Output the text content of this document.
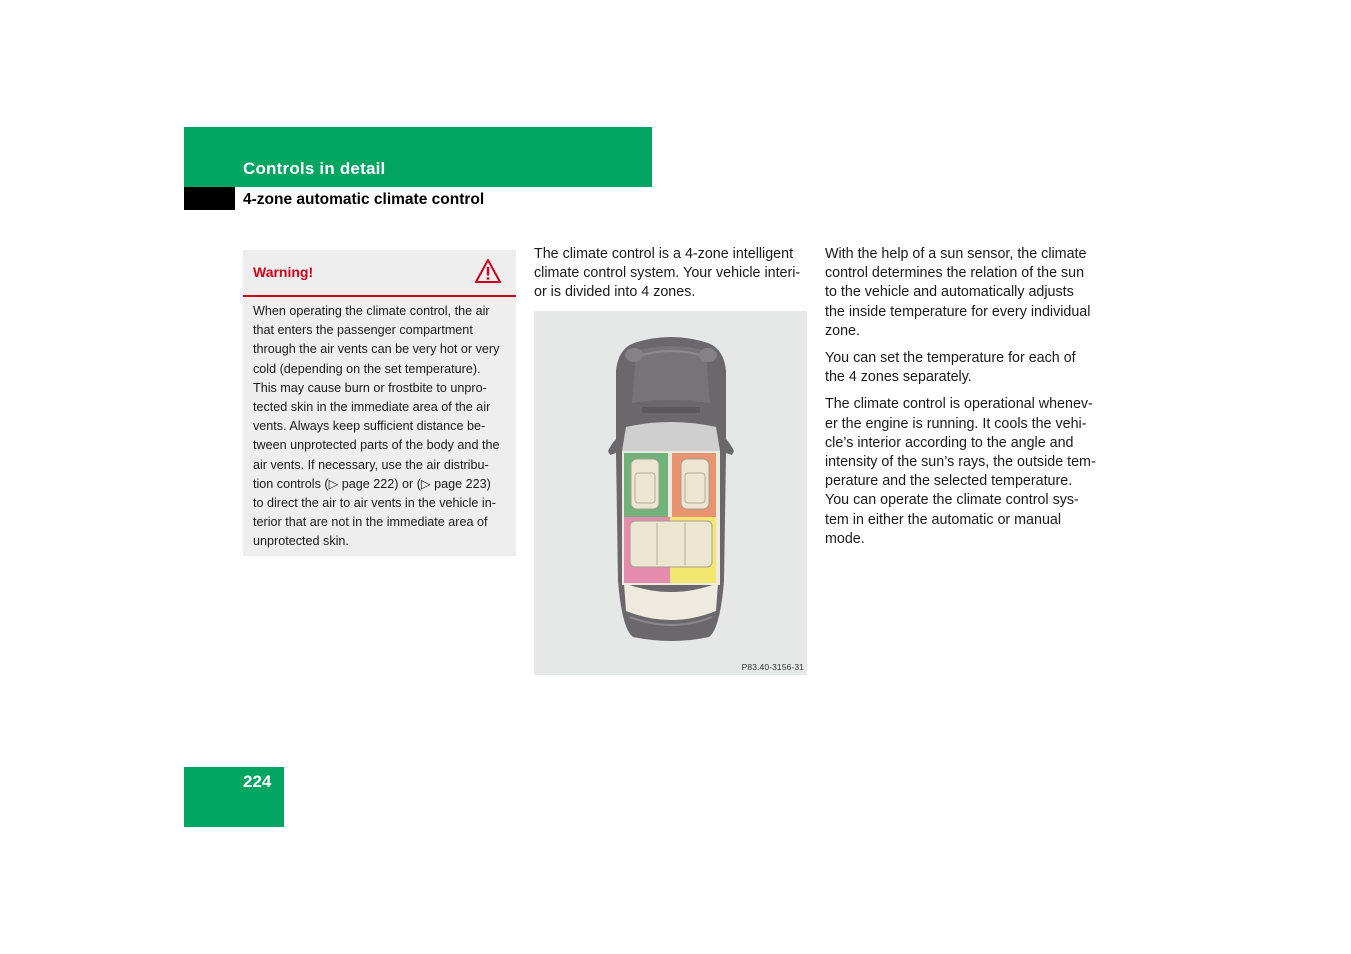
Controls in detail
4-zone automatic climate control
Warning!
When operating the climate control, the air
that enters the passenger compartment
through the air vents can be very hot or very
cold (depending on the set temperature).
This may cause burn or frostbite to unpro-
tected skin in the immediate area of the air
vents. Always keep sufficient distance be-
tween unprotected parts of the body and the
air vents. If necessary, use the air distribu-
tion controls (▷ page 222) or (▷ page 223)
to direct the air to air vents in the vehicle in-
terior that are not in the immediate area of
unprotected skin.
The climate control is a 4-zone intelligent
climate control system. Your vehicle interi-
or is divided into 4 zones.
P83.40-3156-31

With the help of a sun sensor, the climate
control determines the relation of the sun
to the vehicle and automatically adjusts
the inside temperature for every individual
zone.

You can set the temperature for each of
the 4 zones separately.

The climate control is operational whenev-
er the engine is running. It cools the vehi-
cle’s interior according to the angle and
intensity of the sun’s rays, the outside tem-
perature and the selected temperature.
You can operate the climate control sys-
tem in either the automatic or manual
mode.

224
